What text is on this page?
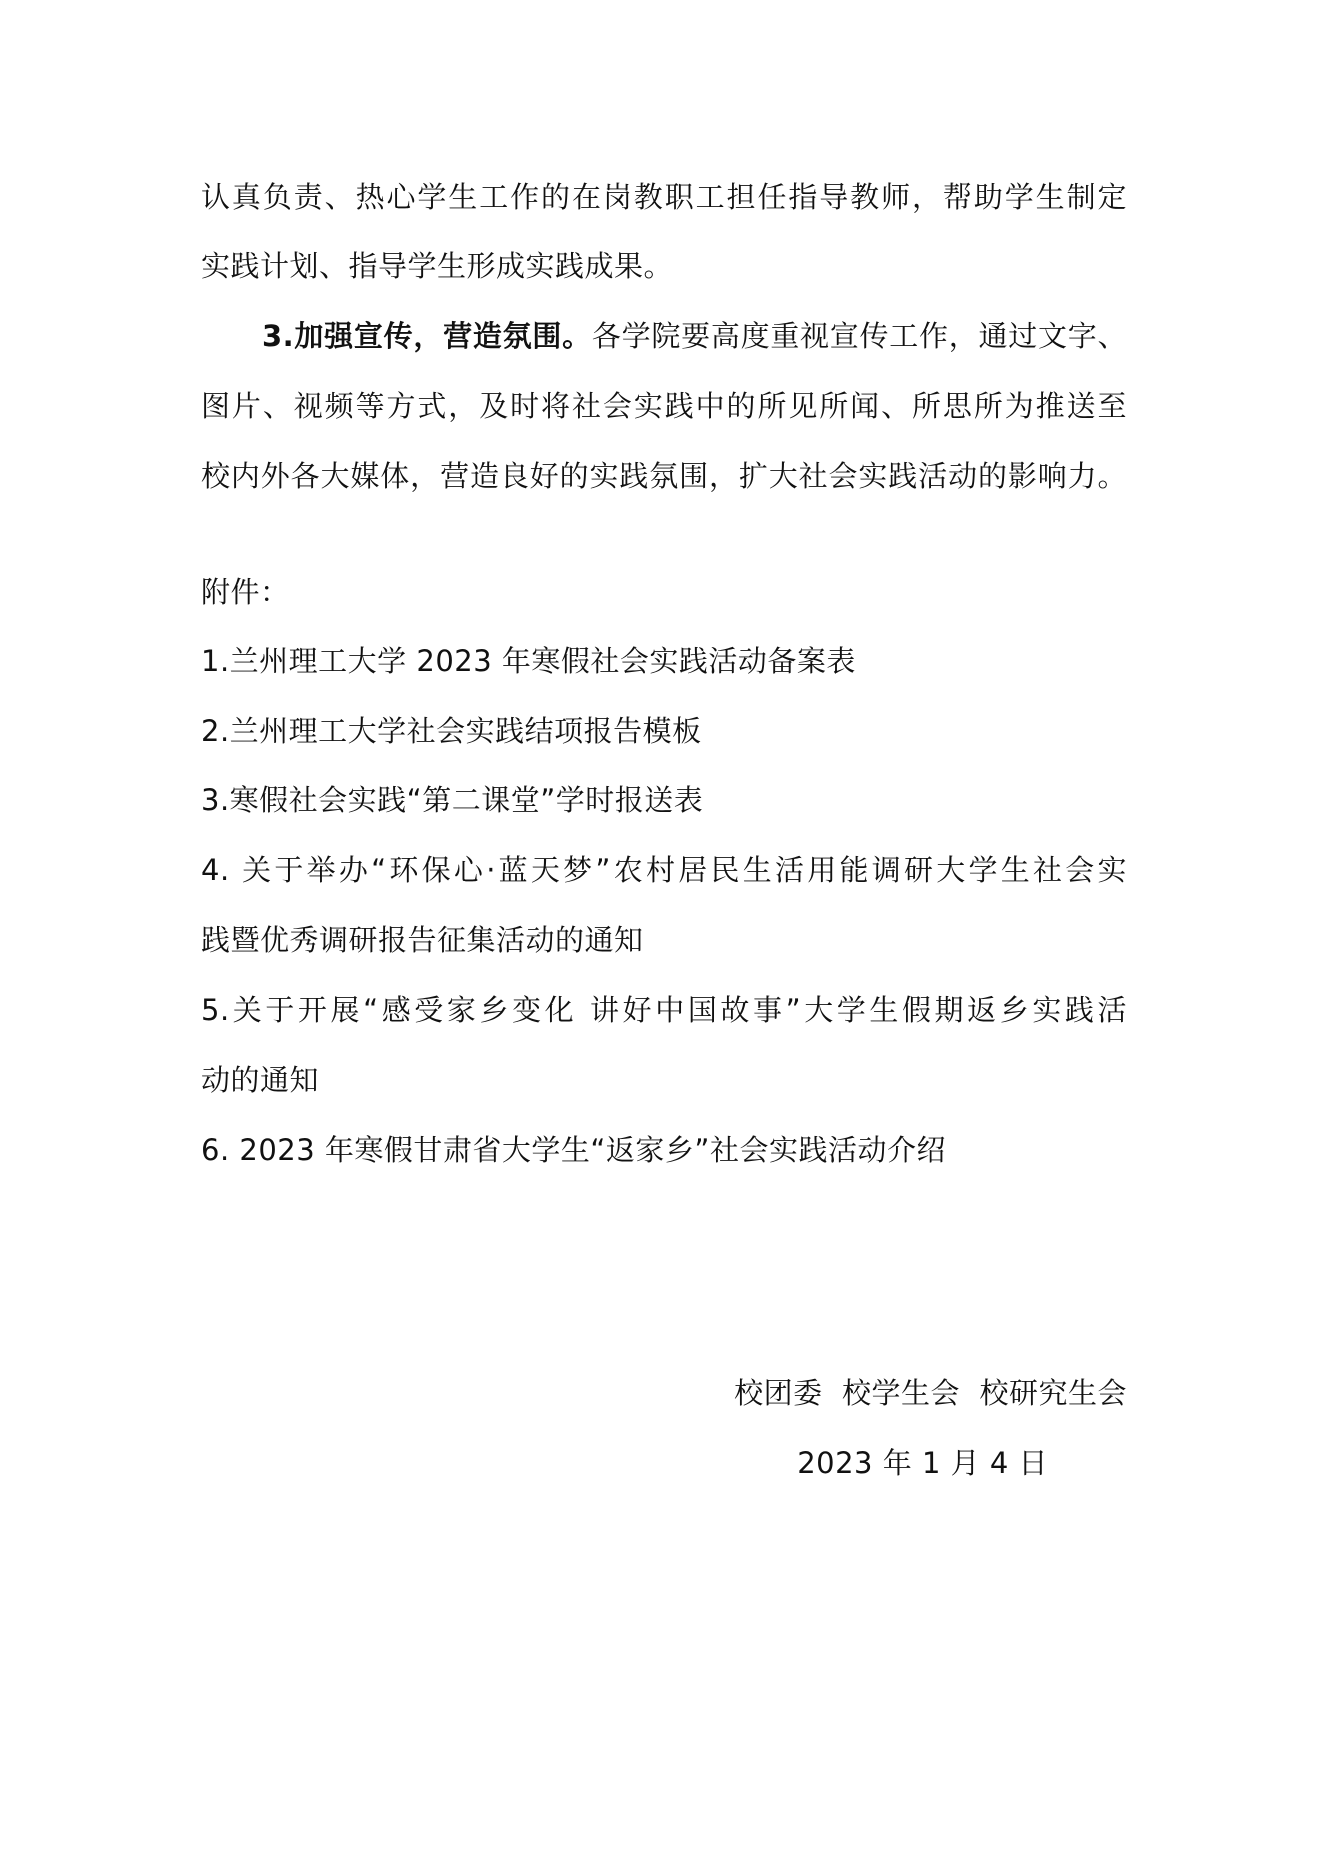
认真负责、热心学生工作的在岗教职工担任指导教师，帮助学生制定
实践计划、指导学生形成实践成果。
3.加强宣传，营造氛围。各学院要高度重视宣传工作，通过文字、
图片、视频等方式，及时将社会实践中的所见所闻、所思所为推送至
校内外各大媒体，营造良好的实践氛围，扩大社会实践活动的影响力。
附件：
1.兰州理工大学 2023 年寒假社会实践活动备案表
2.兰州理工大学社会实践结项报告模板
3.寒假社会实践“第二课堂”学时报送表
4. 关于举办“环保心·蓝天梦”农村居民生活用能调研大学生社会实
践暨优秀调研报告征集活动的通知
5.关于开展“感受家乡变化 讲好中国故事”大学生假期返乡实践活
动的通知
6. 2023 年寒假甘肃省大学生“返家乡”社会实践活动介绍
校团委  校学生会  校研究生会
2023 年 1 月 4 日
